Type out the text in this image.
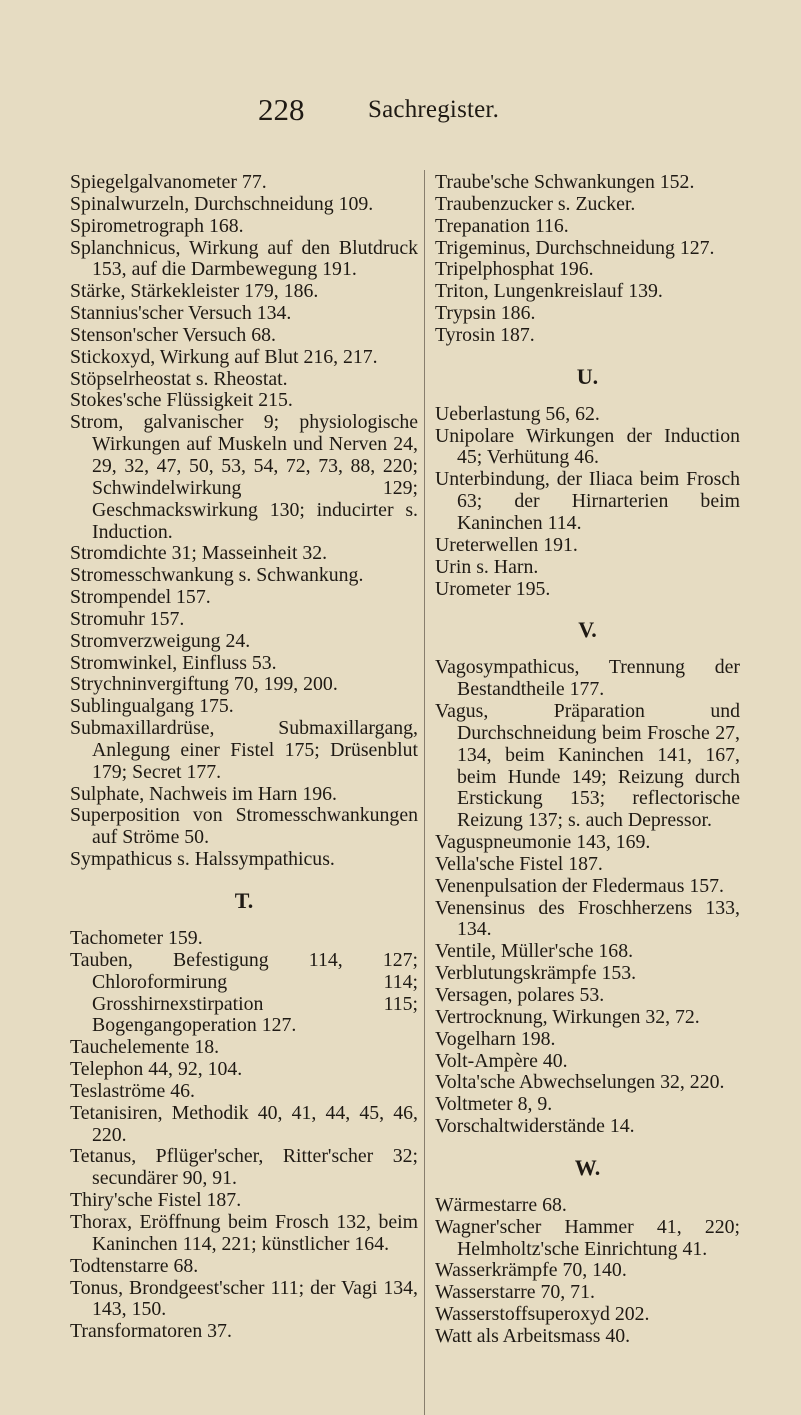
228	Sachregister.
Spiegelgalvanometer 77.
Spinalwurzeln, Durchschneidung 109.
Spirometrograph 168.
Splanchnicus, Wirkung auf den Blutdruck 153, auf die Darmbewegung 191.
Stärke, Stärkekleister 179, 186.
Stannius'scher Versuch 134.
Stenson'scher Versuch 68.
Stickoxyd, Wirkung auf Blut 216, 217.
Stöpselrheostat s. Rheostat.
Stokes'sche Flüssigkeit 215.
Strom, galvanischer 9; physiologische Wirkungen auf Muskeln und Nerven 24, 29, 32, 47, 50, 53, 54, 72, 73, 88, 220; Schwindelwirkung 129; Geschmackswirkung 130; inducirter s. Induction.
Stromdichte 31; Masseinheit 32.
Stromesschwankung s. Schwankung.
Strompendel 157.
Stromuhr 157.
Stromverzweigung 24.
Stromwinkel, Einfluss 53.
Strychninvergiftung 70, 199, 200.
Sublingualgang 175.
Submaxillardrüse, Submaxillargang, Anlegung einer Fistel 175; Drüsenblut 179; Secret 177.
Sulphate, Nachweis im Harn 196.
Superposition von Stromesschwankungen auf Ströme 50.
Sympathicus s. Halssympathicus.
T.
Tachometer 159.
Tauben, Befestigung 114, 127; Chloroformirung 114; Grosshirnexstirpation 115; Bogengangoperation 127.
Tauchelemente 18.
Telephon 44, 92, 104.
Teslaströme 46.
Tetanisiren, Methodik 40, 41, 44, 45, 46, 220.
Tetanus, Pflüger'scher, Ritter'scher 32; secundärer 90, 91.
Thiry'sche Fistel 187.
Thorax, Eröffnung beim Frosch 132, beim Kaninchen 114, 221; künstlicher 164.
Todtenstarre 68.
Tonus, Brondgeest'scher 111; der Vagi 134, 143, 150.
Transformatoren 37.
Traube'sche Schwankungen 152.
Traubenzucker s. Zucker.
Trepanation 116.
Trigeminus, Durchschneidung 127.
Tripelphosphat 196.
Triton, Lungenkreislauf 139.
Trypsin 186.
Tyrosin 187.
U.
Ueberlastung 56, 62.
Unipolare Wirkungen der Induction 45; Verhütung 46.
Unterbindung, der Iliaca beim Frosch 63; der Hirnarterien beim Kaninchen 114.
Ureterwellen 191.
Urin s. Harn.
Urometer 195.
V.
Vagosympathicus, Trennung der Bestandtheile 177.
Vagus, Präparation und Durchschneidung beim Frosche 27, 134, beim Kaninchen 141, 167, beim Hunde 149; Reizung durch Erstickung 153; reflectorische Reizung 137; s. auch Depressor.
Vaguspneumonie 143, 169.
Vella'sche Fistel 187.
Venenpulsation der Fledermaus 157.
Venensinus des Froschherzens 133, 134.
Ventile, Müller'sche 168.
Verblutungskrämpfe 153.
Versagen, polares 53.
Vertrocknung, Wirkungen 32, 72.
Vogelharn 198.
Volt-Ampère 40.
Volta'sche Abwechselungen 32, 220.
Voltmeter 8, 9.
Vorschaltwiderstände 14.
W.
Wärmestarre 68.
Wagner'scher Hammer 41, 220; Helmholtz'sche Einrichtung 41.
Wasserkrämpfe 70, 140.
Wasserstarre 70, 71.
Wasserstoffsuperoxyd 202.
Watt als Arbeitsmass 40.
